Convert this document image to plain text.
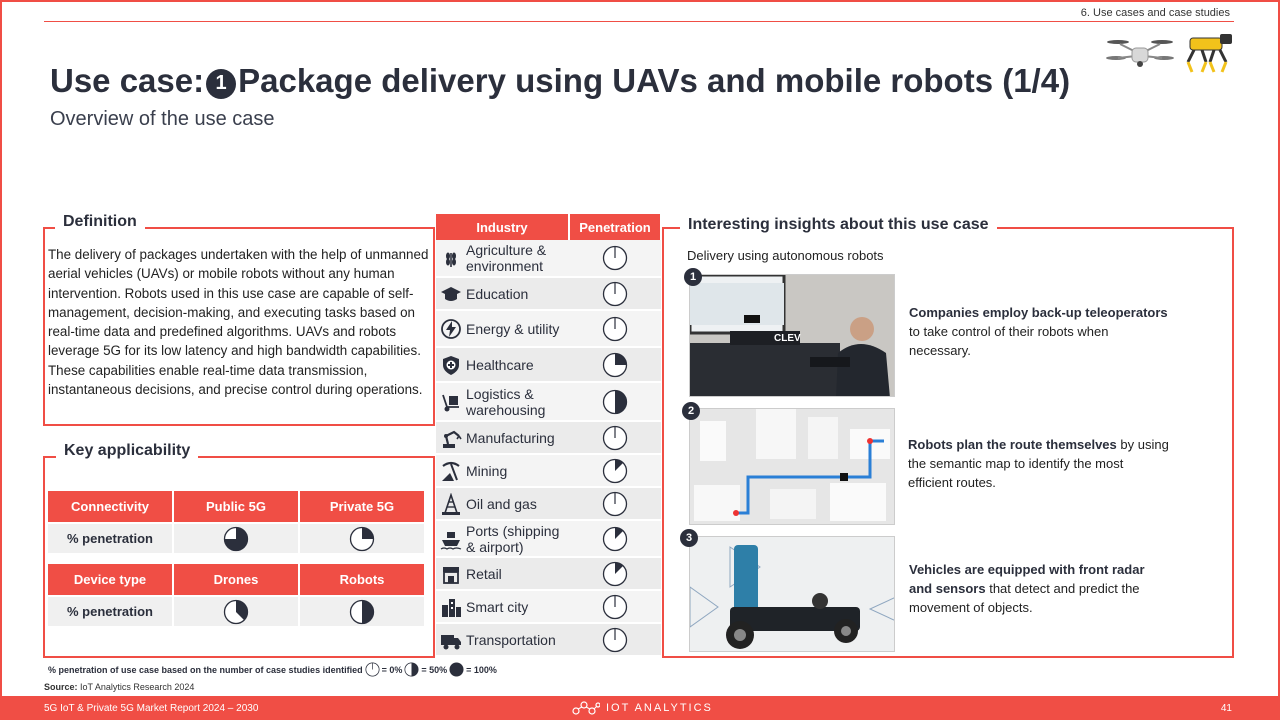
6. Use cases and case studies
Use case: 1 Package delivery using UAVs and mobile robots (1/4)
Overview of the use case
Definition
The delivery of packages undertaken with the help of unmanned aerial vehicles (UAVs) or mobile robots without any human intervention. Robots used in this use case are capable of self-management, decision-making, and executing tasks based on real-time data and predefined algorithms. UAVs and robots leverage 5G for its low latency and high bandwidth capabilities. These capabilities enable real-time data transmission, instantaneous decisions, and precise control during operations.
Key applicability
Connectivity	Public 5G	Private 5G
% penetration	

Device type	Drones	Robots
% penetration	

Industry	Penetration

Agriculture & environment

Education

Energy & utility

Healthcare

Logistics & warehousing

Manufacturing

Mining

Oil and gas

Ports (shipping & airport)

Retail

Smart city

Transportation

Interesting insights about this use case
Delivery using autonomous robots
CLEV
1
Companies employ back-up teleoperators to take control of their robots when necessary.
2
Robots plan the route themselves by using the semantic map to identify the most efficient routes.
3
Vehicles are equipped with front radar and sensors that detect and predict the movement of objects.
% penetration of use case based on the number of case studies identified = 0% = 50% = 100%
Source: IoT Analytics Research 2024
5G IoT & Private 5G Market Report 2024 – 2030	IOT ANALYTICS	41
